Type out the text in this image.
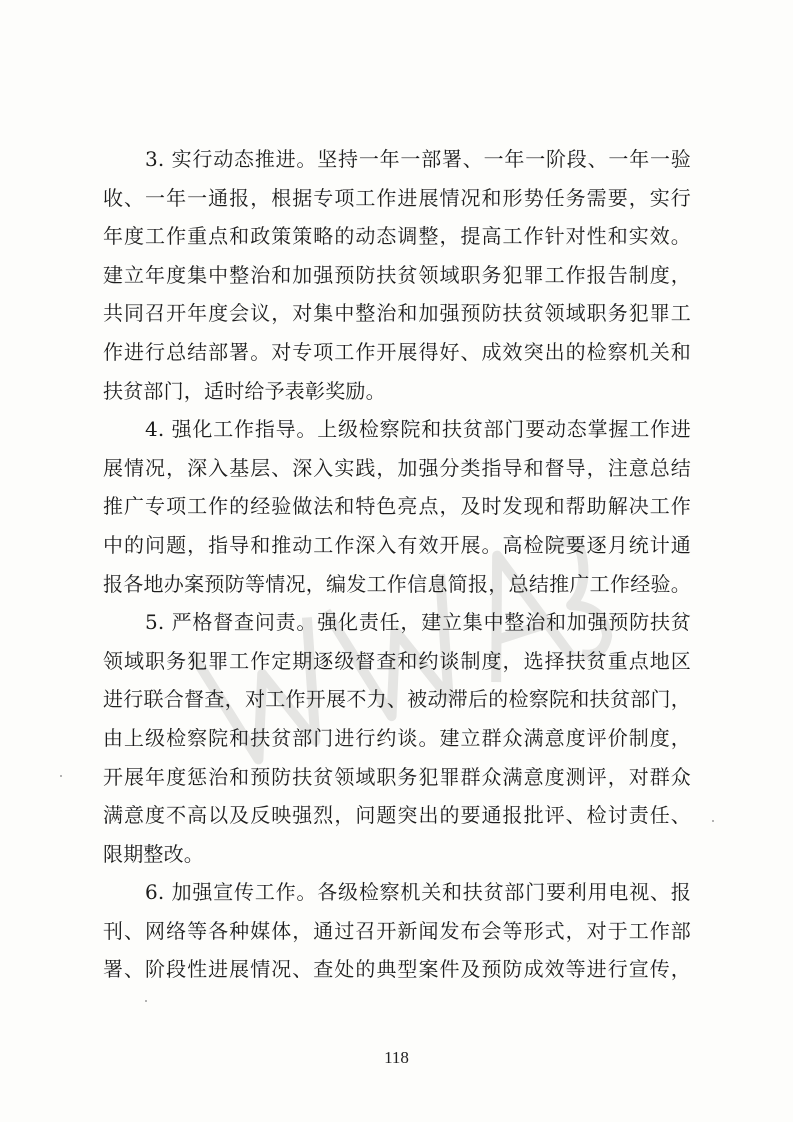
3. 实行动态推进。坚持一年一部署、一年一阶段、一年一验
收、一年一通报，根据专项工作进展情况和形势任务需要，实行
年度工作重点和政策策略的动态调整，提高工作针对性和实效。
建立年度集中整治和加强预防扶贫领域职务犯罪工作报告制度，
共同召开年度会议，对集中整治和加强预防扶贫领域职务犯罪工
作进行总结部署。对专项工作开展得好、成效突出的检察机关和
扶贫部门，适时给予表彰奖励。

4. 强化工作指导。上级检察院和扶贫部门要动态掌握工作进
展情况，深入基层、深入实践，加强分类指导和督导，注意总结
推广专项工作的经验做法和特色亮点，及时发现和帮助解决工作
中的问题，指导和推动工作深入有效开展。高检院要逐月统计通
报各地办案预防等情况，编发工作信息简报，总结推广工作经验。

5. 严格督查问责。强化责任，建立集中整治和加强预防扶贫
领域职务犯罪工作定期逐级督查和约谈制度，选择扶贫重点地区
进行联合督查，对工作开展不力、被动滞后的检察院和扶贫部门，
由上级检察院和扶贫部门进行约谈。建立群众满意度评价制度，
开展年度惩治和预防扶贫领域职务犯罪群众满意度测评，对群众
满意度不高以及反映强烈，问题突出的要通报批评、检讨责任、
限期整改。

6. 加强宣传工作。各级检察机关和扶贫部门要利用电视、报
刊、网络等各种媒体，通过召开新闻发布会等形式，对于工作部
署、阶段性进展情况、查处的典型案件及预防成效等进行宣传，

118
